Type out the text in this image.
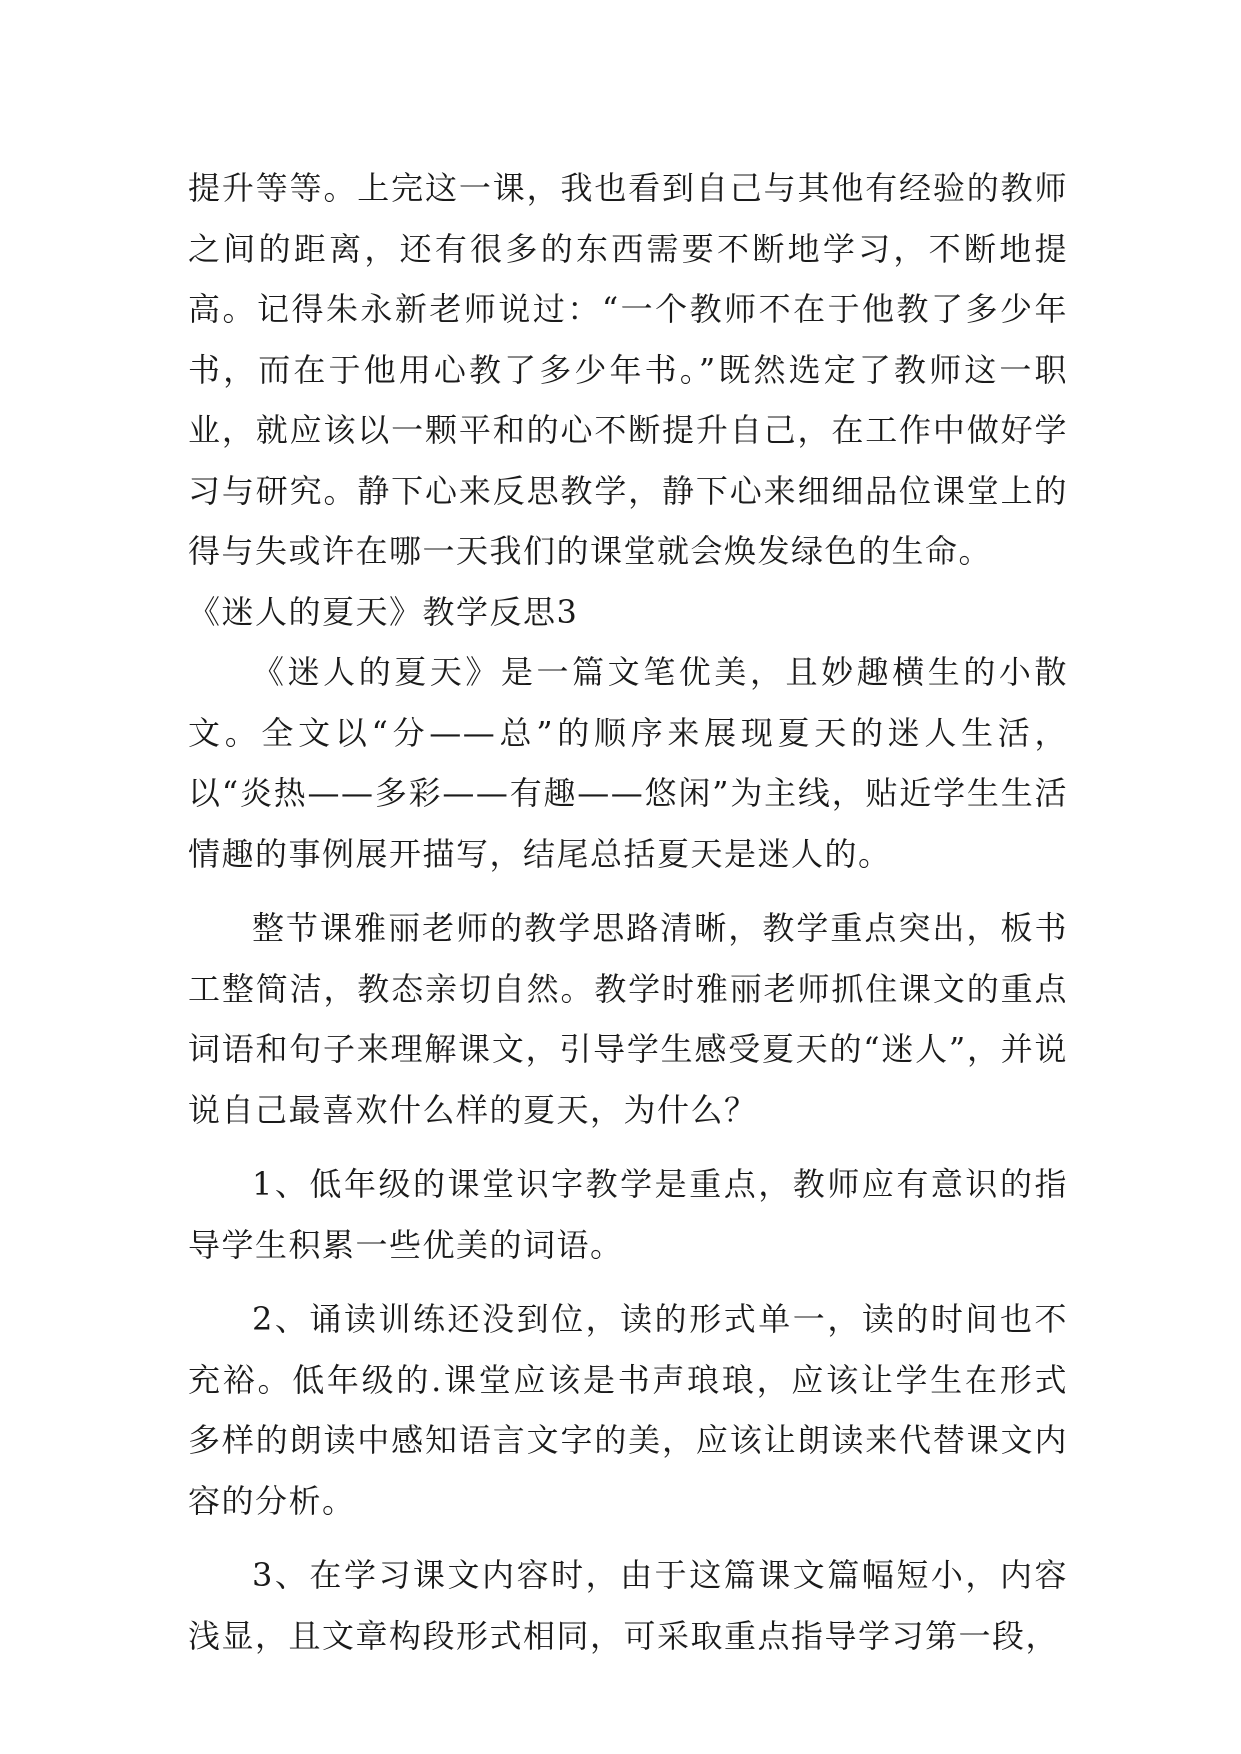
提升等等。上完这一课，我也看到自己与其他有经验的教师之间的距离，还有很多的东西需要不断地学习，不断地提高。记得朱永新老师说过：“一个教师不在于他教了多少年书，而在于他用心教了多少年书。”既然选定了教师这一职业，就应该以一颗平和的心不断提升自己，在工作中做好学习与研究。静下心来反思教学，静下心来细细品位课堂上的得与失或许在哪一天我们的课堂就会焕发绿色的生命。

《迷人的夏天》教学反思3

《迷人的夏天》是一篇文笔优美，且妙趣横生的小散文。全文以“分——总”的顺序来展现夏天的迷人生活，以“炎热——多彩——有趣——悠闲”为主线，贴近学生生活情趣的事例展开描写，结尾总括夏天是迷人的。

整节课雅丽老师的教学思路清晰，教学重点突出，板书工整简洁，教态亲切自然。教学时雅丽老师抓住课文的重点词语和句子来理解课文，引导学生感受夏天的“迷人”，并说说自己最喜欢什么样的夏天，为什么？

1、低年级的课堂识字教学是重点，教师应有意识的指导学生积累一些优美的词语。

2、诵读训练还没到位，读的形式单一，读的时间也不充裕。低年级的.课堂应该是书声琅琅，应该让学生在形式多样的朗读中感知语言文字的美，应该让朗读来代替课文内容的分析。

3、在学习课文内容时，由于这篇课文篇幅短小，内容浅显，且文章构段形式相同，可采取重点指导学习第一段，
